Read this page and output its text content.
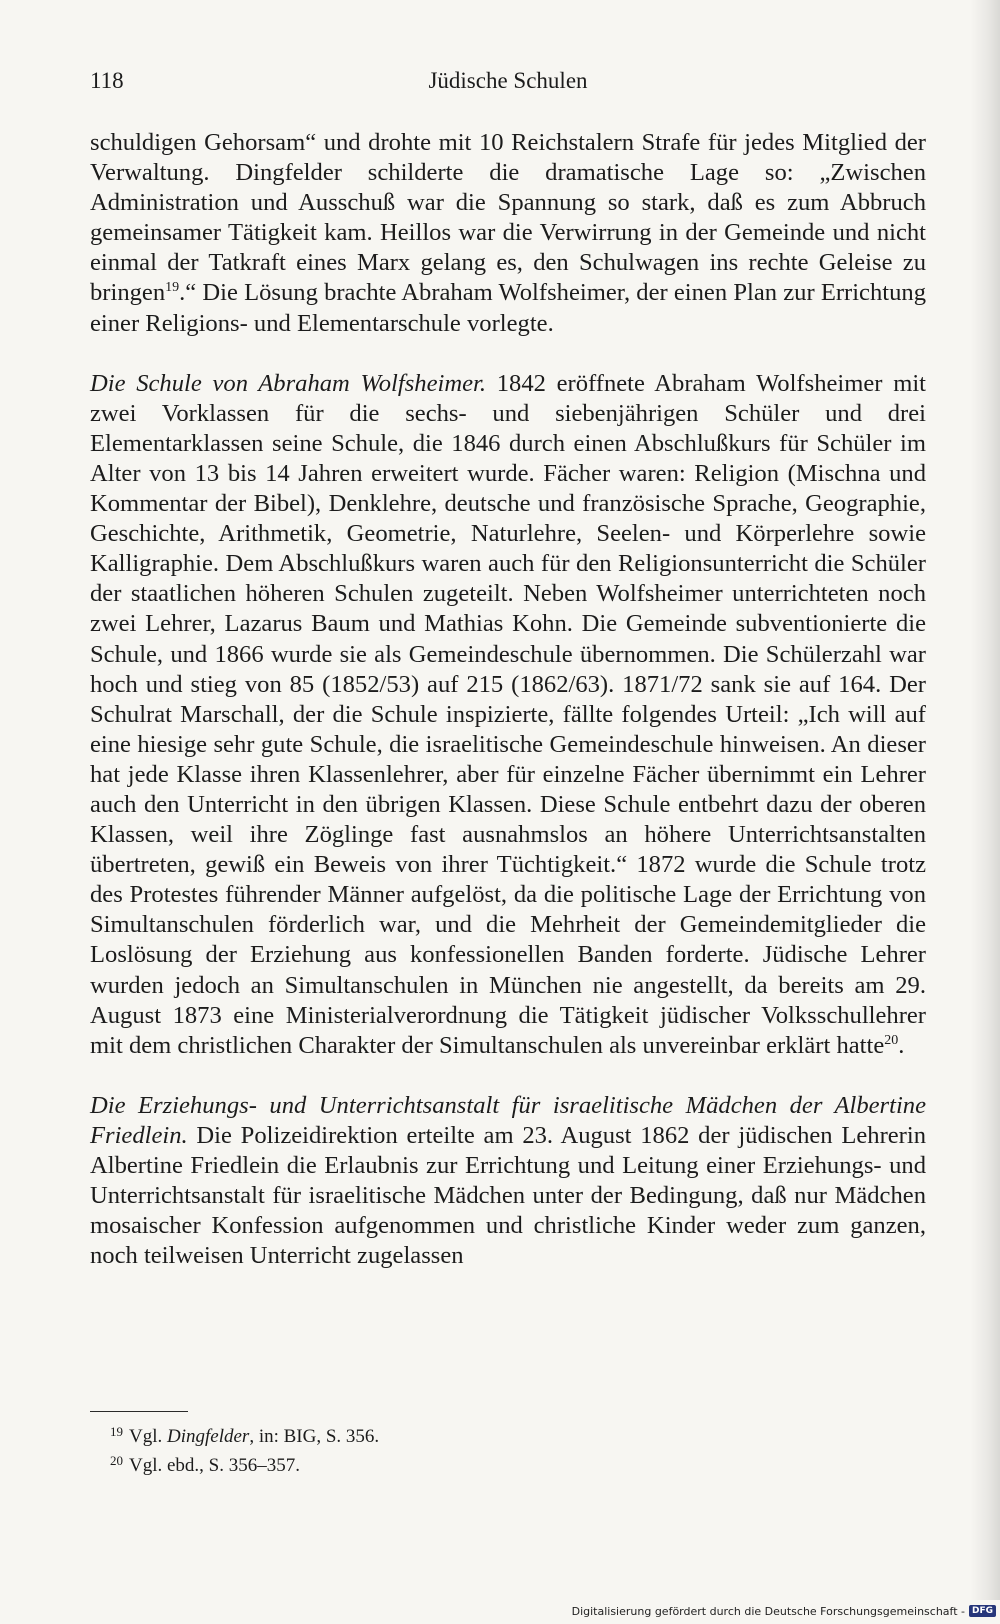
118	Jüdische Schulen

schuldigen Gehorsam“ und drohte mit 10 Reichstalern Strafe für jedes Mitglied der Verwaltung. Dingfelder schilderte die dramatische Lage so: „Zwischen Administration und Ausschuß war die Spannung so stark, daß es zum Abbruch gemeinsamer Tätigkeit kam. Heillos war die Verwirrung in der Gemeinde und nicht einmal der Tatkraft eines Marx gelang es, den Schulwagen ins rechte Geleise zu bringen$^{19}$.“ Die Lösung brachte Abraham Wolfsheimer, der einen Plan zur Errichtung einer Religions- und Elementarschule vorlegte.

Die Schule von Abraham Wolfsheimer. 1842 eröffnete Abraham Wolfsheimer mit zwei Vorklassen für die sechs- und siebenjährigen Schüler und drei Elementarklassen seine Schule, die 1846 durch einen Abschlußkurs für Schüler im Alter von 13 bis 14 Jahren erweitert wurde. Fächer waren: Religion (Mischna und Kommentar der Bibel), Denklehre, deutsche und französische Sprache, Geographie, Geschichte, Arithmetik, Geometrie, Naturlehre, Seelen- und Körperlehre sowie Kalligraphie. Dem Abschlußkurs waren auch für den Religionsunterricht die Schüler der staatlichen höheren Schulen zugeteilt. Neben Wolfsheimer unterrichteten noch zwei Lehrer, Lazarus Baum und Mathias Kohn. Die Gemeinde subventionierte die Schule, und 1866 wurde sie als Gemeindeschule übernommen. Die Schülerzahl war hoch und stieg von 85 (1852/53) auf 215 (1862/63). 1871/72 sank sie auf 164. Der Schulrat Marschall, der die Schule inspizierte, fällte folgendes Urteil: „Ich will auf eine hiesige sehr gute Schule, die israelitische Gemeindeschule hinweisen. An dieser hat jede Klasse ihren Klassenlehrer, aber für einzelne Fächer übernimmt ein Lehrer auch den Unterricht in den übrigen Klassen. Diese Schule entbehrt dazu der oberen Klassen, weil ihre Zöglinge fast ausnahmslos an höhere Unterrichtsanstalten übertreten, gewiß ein Beweis von ihrer Tüchtigkeit.“ 1872 wurde die Schule trotz des Protestes führender Männer aufgelöst, da die politische Lage der Errichtung von Simultanschulen förderlich war, und die Mehrheit der Gemeindemitglieder die Loslösung der Erziehung aus konfessionellen Banden forderte. Jüdische Lehrer wurden jedoch an Simultanschulen in München nie angestellt, da bereits am 29. August 1873 eine Ministerialverordnung die Tätigkeit jüdischer Volksschullehrer mit dem christlichen Charakter der Simultanschulen als unvereinbar erklärt hatte$^{20}$.

Die Erziehungs- und Unterrichtsanstalt für israelitische Mädchen der Albertine Friedlein. Die Polizeidirektion erteilte am 23. August 1862 der jüdischen Lehrerin Albertine Friedlein die Erlaubnis zur Errichtung und Leitung einer Erziehungs- und Unterrichtsanstalt für israelitische Mädchen unter der Bedingung, daß nur Mädchen mosaischer Konfession aufgenommen und christliche Kinder weder zum ganzen, noch teilweisen Unterricht zugelassen

$^{19}$ Vgl. Dingfelder, in: BIG, S. 356.
$^{20}$ Vgl. ebd., S. 356–357.
Digitalisierung gefördert durch die Deutsche Forschungsgemeinschaft - DFG
